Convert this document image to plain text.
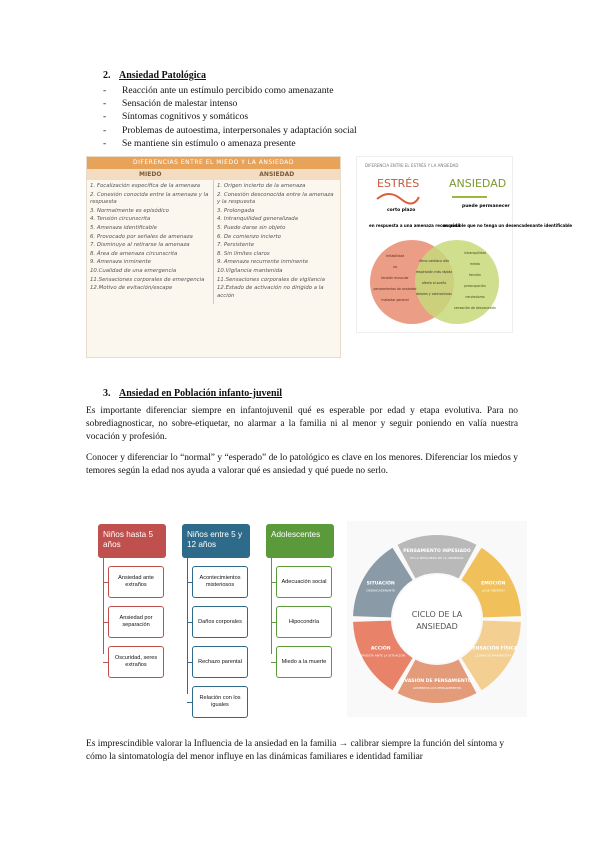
2. Ansiedad Patológica
- Reacción ante un estímulo percibido como amenazante
- Sensación de malestar intenso
- Síntomas cognitivos y somáticos
- Problemas de autoestima, interpersonales y adaptación social
- Se mantiene sin estímulo o amenaza presente
DIFERENCIAS ENTRE EL MIEDO Y LA ANSIEDAD
MIEDO	ANSIEDAD
1. Focalización específica de la amenaza
2. Conexión conocida entre la amenaza y la respuesta
3. Normalmente es episódico
4. Tensión circunscrita
5. Amenaza identificable
6. Provocado por señales de amenaza
7. Disminuye al retirarse la amenaza
8. Área de amenaza circunscrita
9. Amenaza inminente
10.Cualidad de una emergencia
11.Sensaciones corporales de emergencia
12.Motivo de evitación/escape
1. Origen incierto de la amenaza
2. Conexión desconocida entre la amenaza y la respuesta
3. Prolongada
4. Intranquilidad generalizada
5. Puede darse sin objeto
6. De comienzo incierto
7. Persistente
8. Sin límites claros
9. Amenaza recurrente inminente
10.Vigilancia mantenida
11.Sensaciones corporales de vigilancia
12.Estado de activación no dirigido a la acción
DIFERENCIA ENTRE EL ESTRÉS Y LA ANSIEDAD
ESTRÉS	ANSIEDAD
corto plazo
puede permanecer
en respuesta a una amenaza reconocida
es posible que no tenga un desencadenante identificable
irritabilidad
ira
tensión muscular
pensamientos de ansiedad
malestar general
ritmo cardíaco alto
respiración más rápida
afecta al sueño
dolores y contracturas
intranquilidad
miedo
tensión
preocupación
nerviosismo
sensación de desconexión
3. Ansiedad en Población infanto-juvenil
Es importante diferenciar siempre en infantojuvenil qué es esperable por edad y etapa evolutiva. Para no sobrediagnosticar, no sobre-etiquetar, no alarmar a la familia ni al menor y seguir poniendo en valía nuestra vocación y profesión.
Conocer y diferenciar lo “normal” y “esperado” de lo patológico es clave en los menores. Diferenciar los miedos y temores según la edad nos ayuda a valorar qué es ansiedad y qué puede no serlo.
Niños hasta 5 años
Ansiedad ante extraños
Ansiedad por separación
Oscuridad, seres extraños
Niños entre 5 y 12 años
Acontecimientos misteriosos
Daños corporales
Rechazo parental
Relación con los iguales
Adolescentes
Adecuación social
Hipocondría
Miedo a la muerte
PENSAMIENTO INPESIADO
ES LA BÚSQUEDA DE LA ANSIEDAD
EMOCIÓN
¿QUÉ SIENTES?
SENSACIÓN FÍSICA
¿CÓMO SE MANIFIESTA?
INVASIÓN DE PENSAMIENTOS
AUMENTAN LOS PENSAMIENTOS
ACCIÓN
RESPUESTA ANTE LA SITUACIÓN
SITUACIÓN
DESENCADENANTE
CICLO DE LA
ANSIEDAD
Es imprescindible valorar la Influencia de la ansiedad en la familia → calibrar siempre la función del síntoma y cómo la sintomatología del menor influye en las dinámicas familiares e identidad familiar
